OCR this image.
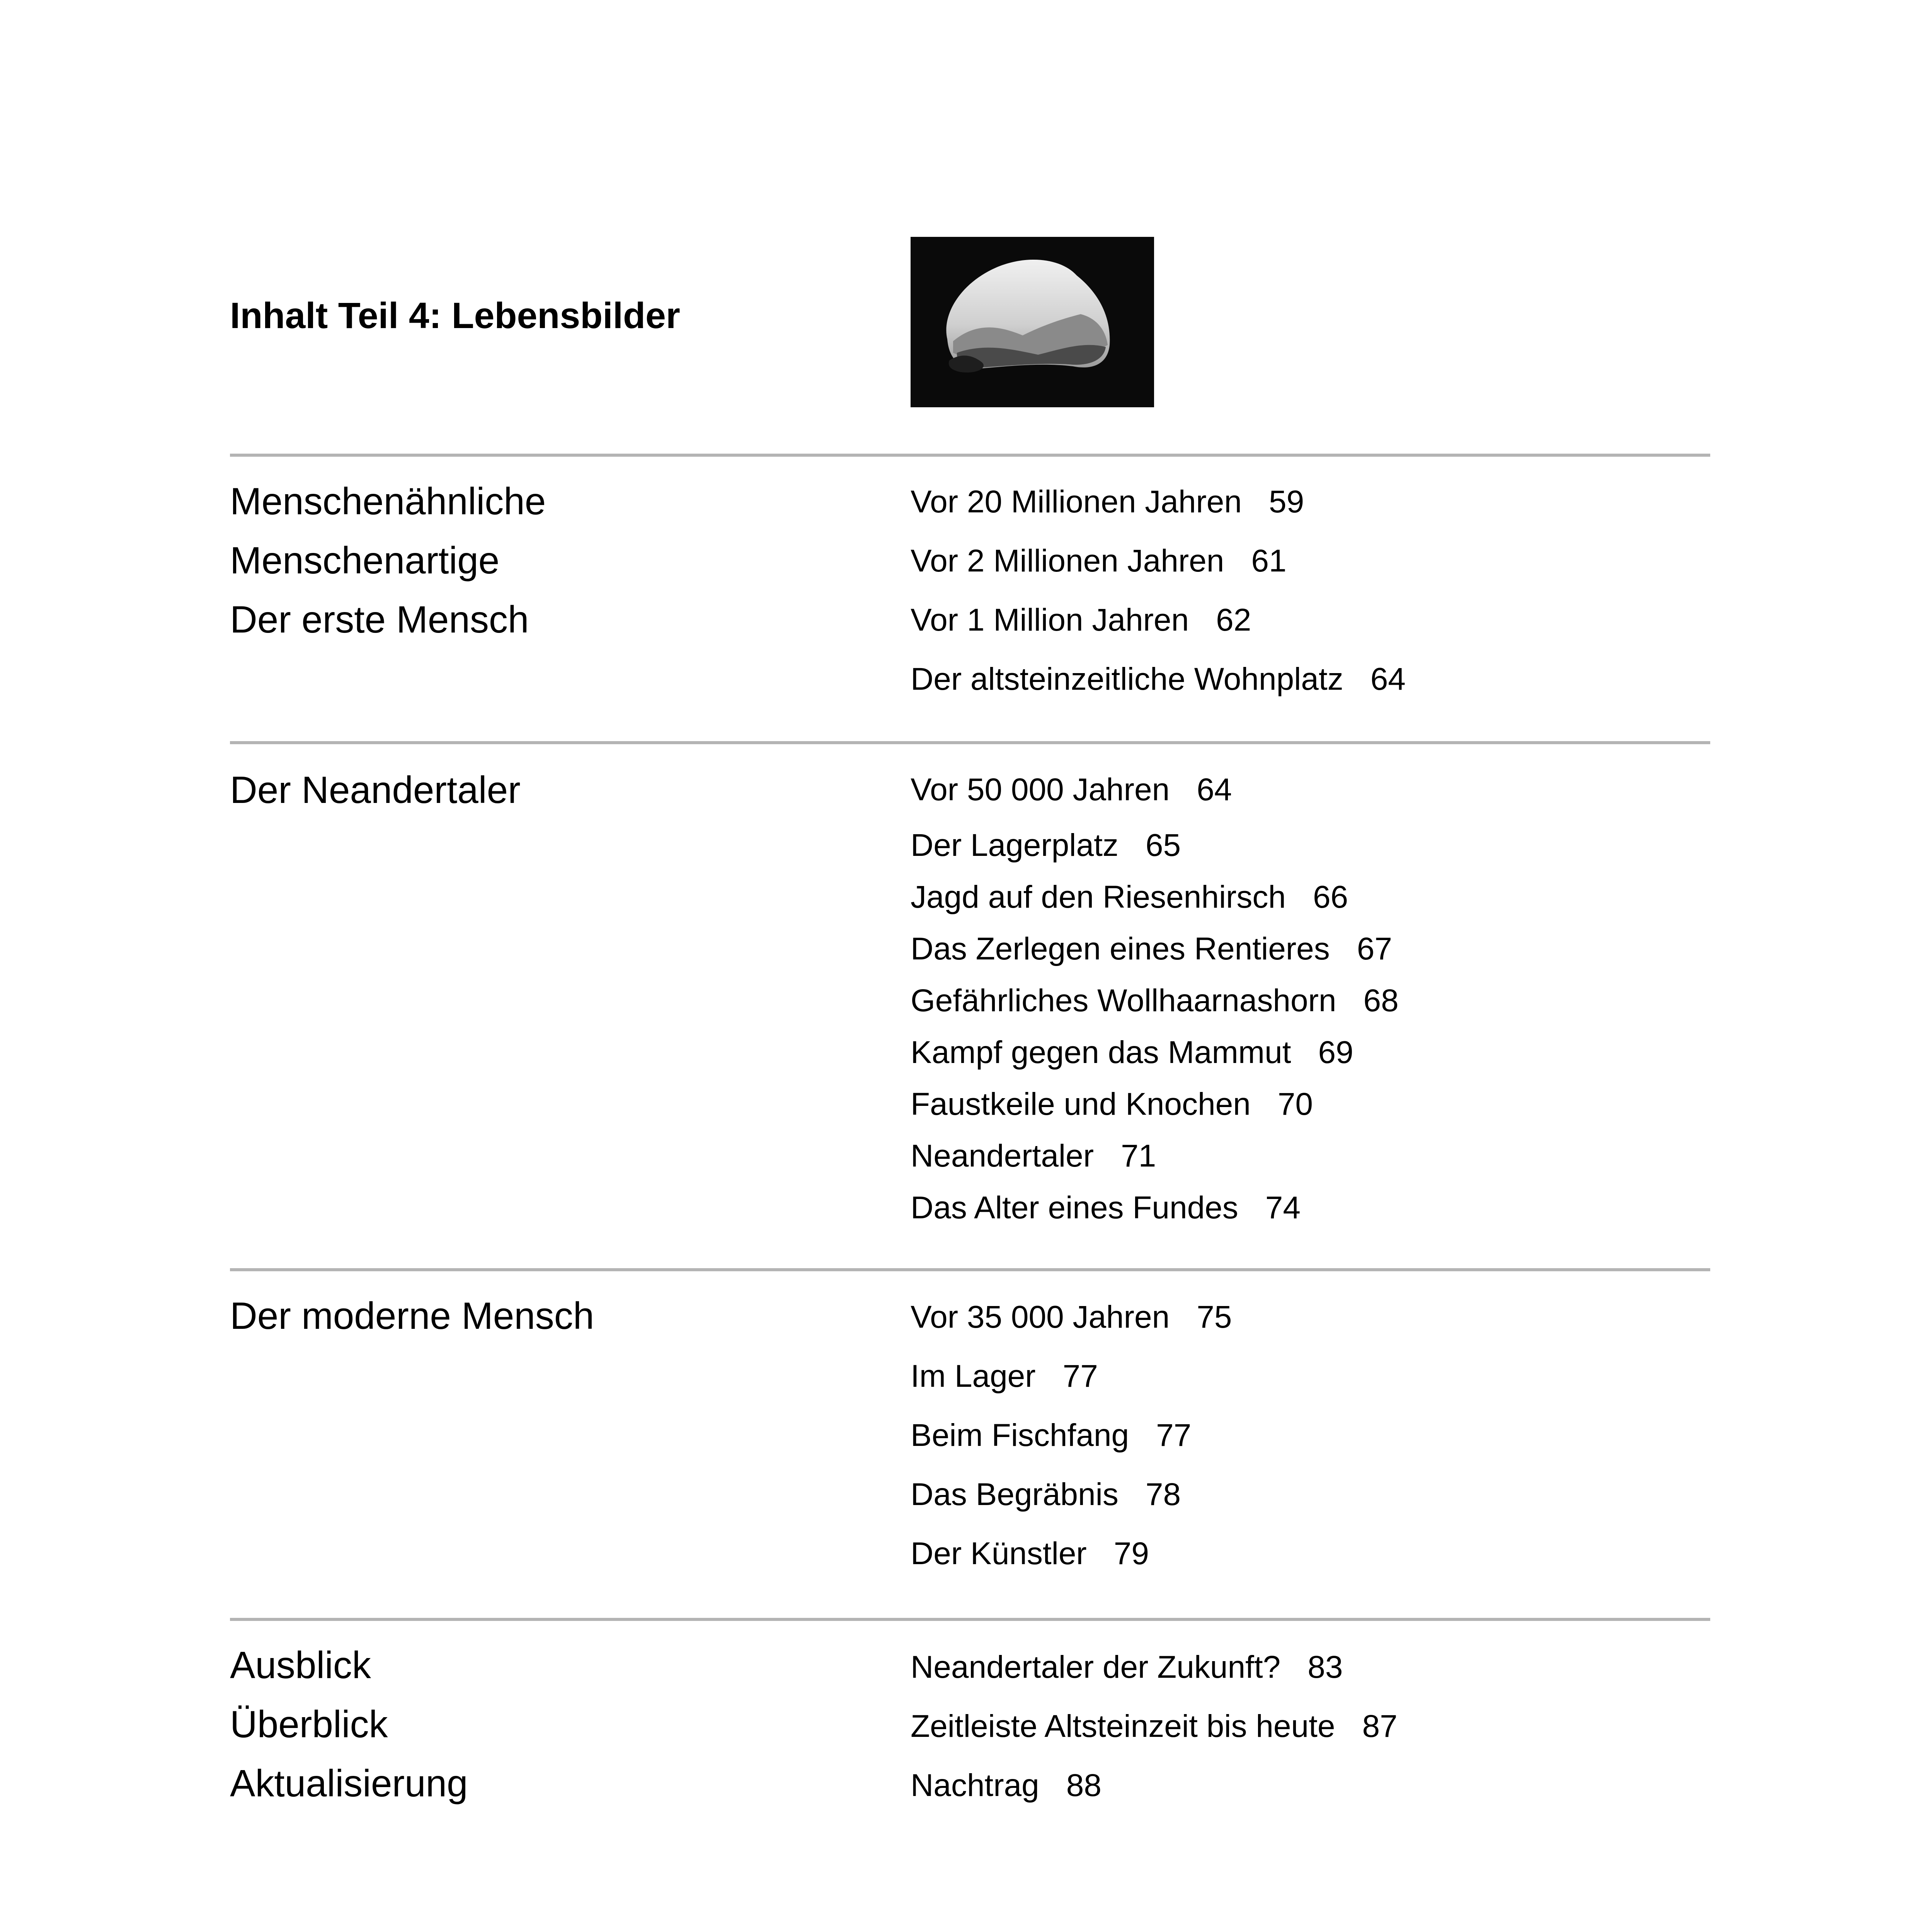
Inhalt Teil 4: Lebensbilder
Menschenähnliche
Menschenartige
Der erste Mensch
Vor 20 Millionen Jahren 59
Vor 2 Millionen Jahren 61
Vor 1 Million Jahren 62
Der altsteinzeitliche Wohnplatz 64
Der Neandertaler	Vor 50 000 Jahren 64
Der Lagerplatz 65
Jagd auf den Riesenhirsch 66
Das Zerlegen eines Rentieres 67
Gefährliches Wollhaarnashorn 68
Kampf gegen das Mammut 69
Faustkeile und Knochen 70
Neandertaler 71
Das Alter eines Fundes 74
Der moderne Mensch	Vor 35 000 Jahren 75
Im Lager 77
Beim Fischfang 77
Das Begräbnis 78
Der Künstler 79
Ausblick
Überblick
Aktualisierung
Neandertaler der Zukunft? 83
Zeitleiste Altsteinzeit bis heute 87
Nachtrag 88
